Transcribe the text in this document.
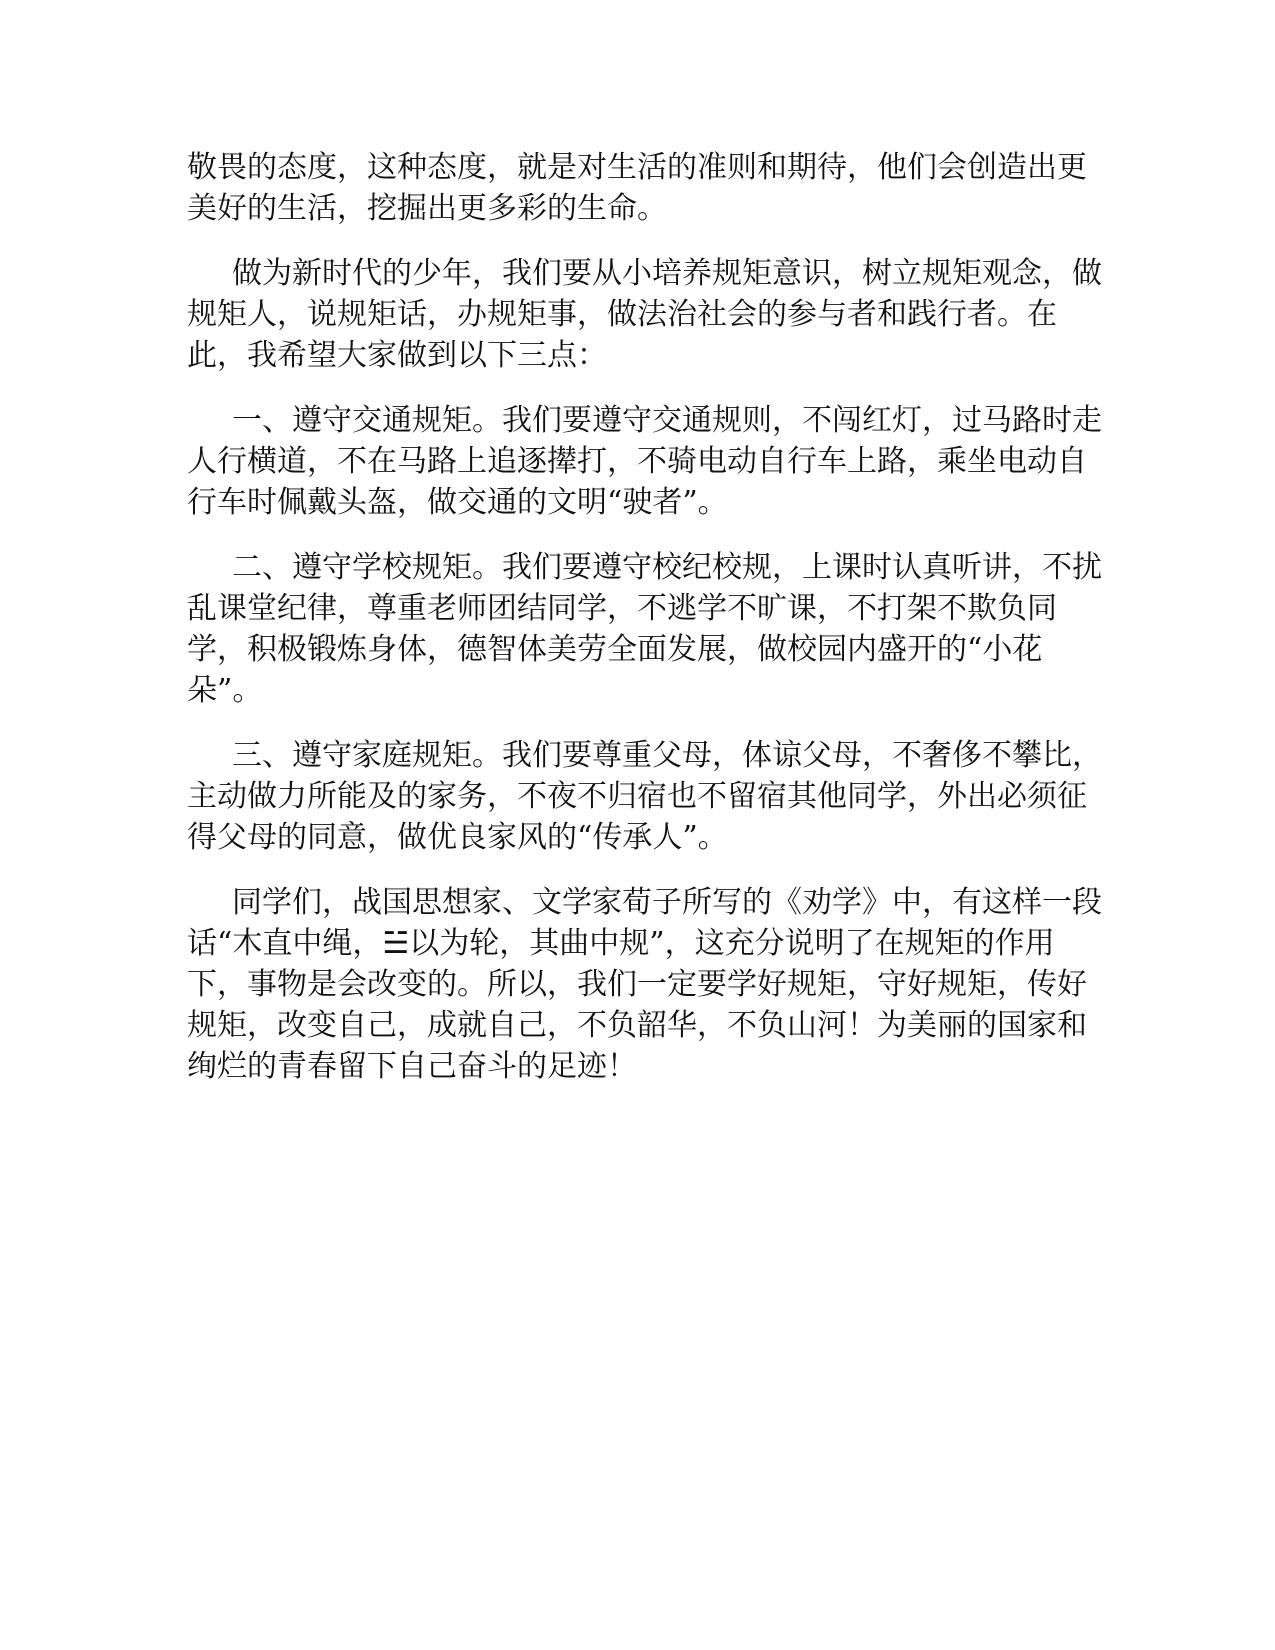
敬畏的态度，这种态度，就是对生活的准则和期待，他们会创造出更
美好的生活，挖掘出更多彩的生命。
做为新时代的少年，我们要从小培养规矩意识，树立规矩观念，做
规矩人，说规矩话，办规矩事，做法治社会的参与者和践行者。在
此，我希望大家做到以下三点：
一、遵守交通规矩。我们要遵守交通规则，不闯红灯，过马路时走
人行横道，不在马路上追逐撵打，不骑电动自行车上路，乘坐电动自
行车时佩戴头盔，做交通的文明“驶者”。
二、遵守学校规矩。我们要遵守校纪校规，上课时认真听讲，不扰
乱课堂纪律，尊重老师团结同学，不逃学不旷课，不打架不欺负同
学，积极锻炼身体，德智体美劳全面发展，做校园内盛开的“小花
朵”。
三、遵守家庭规矩。我们要尊重父母，体谅父母，不奢侈不攀比，
主动做力所能及的家务，不夜不归宿也不留宿其他同学，外出必须征
得父母的同意，做优良家风的“传承人”。
同学们，战国思想家、文学家荀子所写的《劝学》中，有这样一段
话“木直中绳，☱以为轮，其曲中规”，这充分说明了在规矩的作用
下，事物是会改变的。所以，我们一定要学好规矩，守好规矩，传好
规矩，改变自己，成就自己，不负韶华，不负山河！为美丽的国家和
绚烂的青春留下自己奋斗的足迹！
